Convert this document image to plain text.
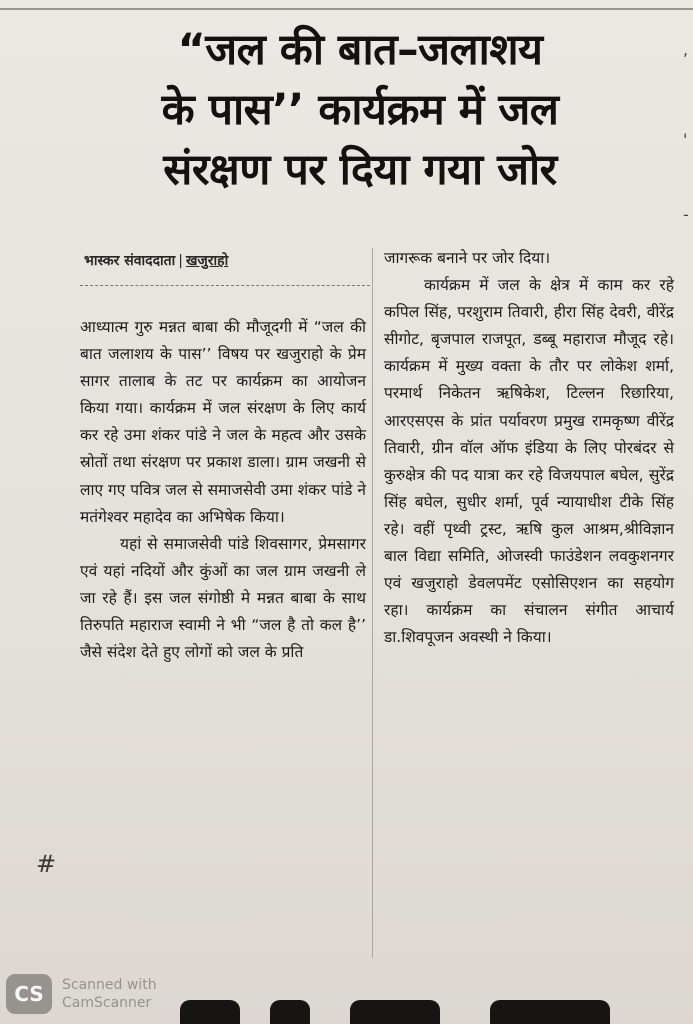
“जल की बात–जलाशय
के पास’’ कार्यक्रम में जल
संरक्षण पर दिया गया जोर
भास्कर संवाददाता | खजुराहो

आध्यात्म गुरु मन्नत बाबा की मौजूदगी में “जल की बात जलाशय के पास’’ विषय पर खजुराहो के प्रेम सागर तालाब के तट पर कार्यक्रम का आयोजन किया गया। कार्यक्रम में जल संरक्षण के लिए कार्य कर रहे उमा शंकर पांडे ने जल के महत्व और उसके स्रोतों तथा संरक्षण पर प्रकाश डाला। ग्राम जखनी से लाए गए पवित्र जल से समाजसेवी उमा शंकर पांडे ने मतंगेश्वर महादेव का अभिषेक किया।

यहां से समाजसेवी पांडे शिवसागर, प्रेमसागर एवं यहां नदियों और कुंओं का जल ग्राम जखनी ले जा रहे हैं। इस जल संगोष्ठी मे मन्नत बाबा के साथ तिरुपति महाराज स्वामी ने भी “जल है तो कल है’’ जैसे संदेश देते हुए लोगों को जल के प्रति

जागरूक बनाने पर जोर दिया।

कार्यक्रम में जल के क्षेत्र में काम कर रहे कपिल सिंह, परशुराम तिवारी, हीरा सिंह देवरी, वीरेंद्र सीगोट, बृजपाल राजपूत, डब्बू महाराज मौजूद रहे। कार्यक्रम में मुख्य वक्ता के तौर पर लोकेश शर्मा, परमार्थ निकेतन ऋषिकेश, टिल्लन रिछारिया, आरएसएस के प्रांत पर्यावरण प्रमुख रामकृष्ण वीरेंद्र तिवारी, ग्रीन वॉल ऑफ इंडिया के लिए पोरबंदर से कुरुक्षेत्र की पद यात्रा कर रहे विजयपाल बघेल, सुरेंद्र सिंह बघेल, सुधीर शर्मा, पूर्व न्यायाधीश टीके सिंह रहे। वहीं पृथ्वी ट्रस्ट, ऋषि कुल आश्रम,श्रीविज्ञान बाल विद्या समिति, ओजस्वी फाउंडेशन लवकुशनगर एवं खजुराहो डेवलपमेंट एसोसिएशन का सहयोग रहा। कार्यक्रम का संचालन संगीत आचार्य डा.शिवपूजन अवस्थी ने किया।

#
,
-
'
CS	Scanned with
CamScanner
